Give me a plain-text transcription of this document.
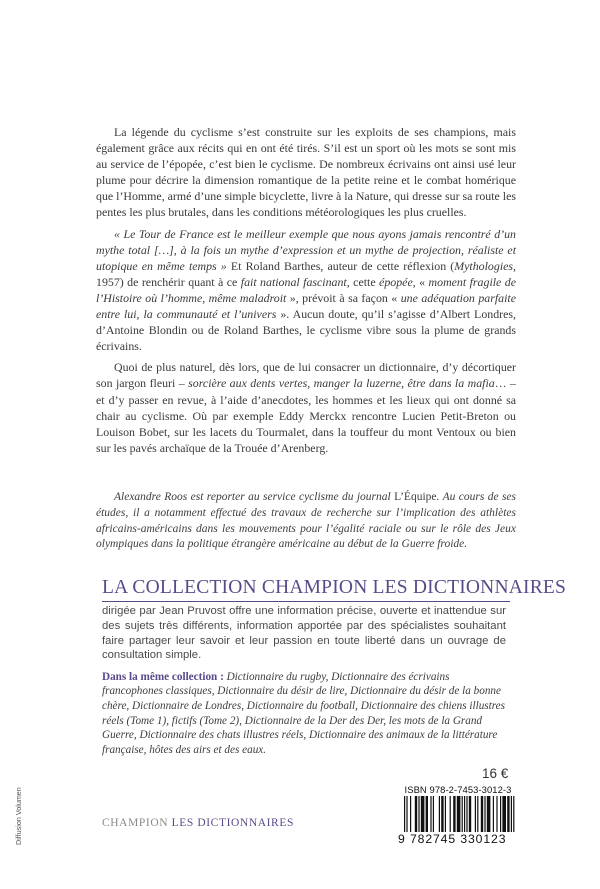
La légende du cyclisme s’est construite sur les exploits de ses champions, mais également grâce aux récits qui en ont été tirés. S’il est un sport où les mots se sont mis au service de l’épopée, c’est bien le cyclisme. De nombreux écrivains ont ainsi usé leur plume pour décrire la dimension romantique de la petite reine et le combat homérique que l’Homme, armé d’une simple bicyclette, livre à la Nature, qui dresse sur sa route les pentes les plus brutales, dans les conditions météorologiques les plus cruelles.

« Le Tour de France est le meilleur exemple que nous ayons jamais rencontré d’un mythe total […], à la fois un mythe d’expression et un mythe de projection, réaliste et utopique en même temps » Et Roland Barthes, auteur de cette réflexion (Mythologies, 1957) de renchérir quant à ce fait national fascinant, cette épopée, « moment fragile de l’Histoire où l’homme, même maladroit », prévoit à sa façon « une adéquation parfaite entre lui, la communauté et l’univers ». Aucun doute, qu’il s’agisse d’Albert Londres, d’Antoine Blondin ou de Roland Barthes, le cyclisme vibre sous la plume de grands écrivains.

Quoi de plus naturel, dès lors, que de lui consacrer un dictionnaire, d’y décortiquer son jargon fleuri – sorcière aux dents vertes, manger la luzerne, être dans la mafia… – et d’y passer en revue, à l’aide d’anecdotes, les hommes et les lieux qui ont donné sa chair au cyclisme. Où par exemple Eddy Merckx rencontre Lucien Petit-Breton ou Louison Bobet, sur les lacets du Tourmalet, dans la touffeur du mont Ventoux ou bien sur les pavés archaïque de la Trouée d’Arenberg.

Alexandre Roos est reporter au service cyclisme du journal L’Équipe. Au cours de ses études, il a notamment effectué des travaux de recherche sur l’implication des athlètes africains-américains dans les mouvements pour l’égalité raciale ou sur le rôle des Jeux olympiques dans la politique étrangère américaine au début de la Guerre froide.

LA COLLECTION CHAMPION LES DICTIONNAIRES
dirigée par Jean Pruvost offre une information précise, ouverte et inattendue sur des sujets très différents, information apportée par des spécialistes souhaitant faire partager leur savoir et leur passion en toute liberté dans un ouvrage de consultation simple.
Dans la même collection : Dictionnaire du rugby, Dictionnaire des écrivains francophones classiques, Dictionnaire du désir de lire, Dictionnaire du désir de la bonne chère, Dictionnaire de Londres, Dictionnaire du football, Dictionnaire des chiens illustres réels (Tome 1), fictifs (Tome 2), Dictionnaire de la Der des Der, les mots de la Grand Guerre, Dictionnaire des chats illustres réels, Dictionnaire des animaux de la littérature française, hôtes des airs et des eaux.
16 €
ISBN 978-2-7453-3012-3
9 782745 330123
Diffusion Volumen	CHAMPION LES DICTIONNAIRES
